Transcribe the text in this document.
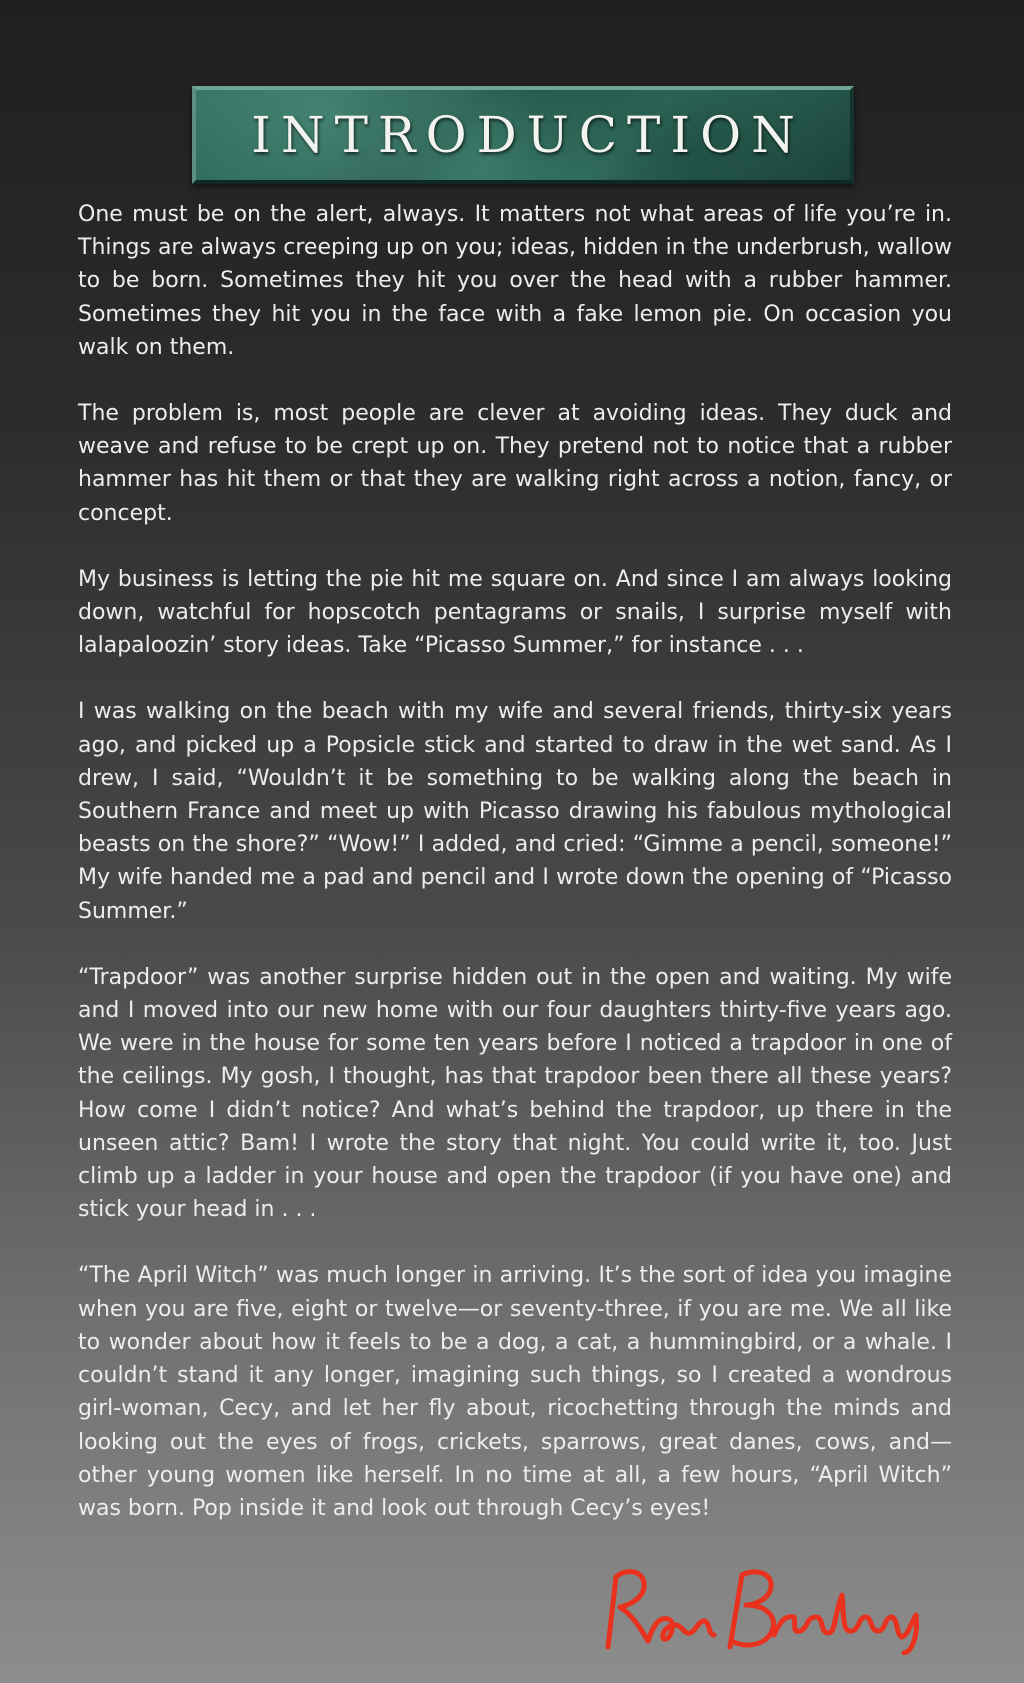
INTRODUCTION

One must be on the alert, always. It matters not what areas of life you’re in. Things are always creeping up on you; ideas, hidden in the underbrush, wallow to be born. Sometimes they hit you over the head with a rubber hammer. Sometimes they hit you in the face with a fake lemon pie. On occasion you walk on them.

The problem is, most people are clever at avoiding ideas. They duck and weave and refuse to be crept up on. They pretend not to notice that a rubber hammer has hit them or that they are walking right across a notion, fancy, or concept.

My business is letting the pie hit me square on. And since I am always looking down, watchful for hopscotch pentagrams or snails, I surprise myself with lalapaloozin’ story ideas. Take “Picasso Summer,” for instance . . .

I was walking on the beach with my wife and several friends, thirty-six years ago, and picked up a Popsicle stick and started to draw in the wet sand. As I drew, I said, “Wouldn’t it be something to be walking along the beach in Southern France and meet up with Picasso drawing his fabulous mythological beasts on the shore?” “Wow!” I added, and cried: “Gimme a pencil, someone!” My wife handed me a pad and pencil and I wrote down the opening of “Picasso Summer.”

“Trapdoor” was another surprise hidden out in the open and waiting. My wife and I moved into our new home with our four daughters thirty-five years ago. We were in the house for some ten years before I noticed a trapdoor in one of the ceilings. My gosh, I thought, has that trapdoor been there all these years? How come I didn’t notice? And what’s behind the trapdoor, up there in the unseen attic? Bam! I wrote the story that night. You could write it, too. Just climb up a ladder in your house and open the trapdoor (if you have one) and stick your head in . . .

“The April Witch” was much longer in arriving. It’s the sort of idea you imagine when you are five, eight or twelve—or seventy-three, if you are me. We all like to wonder about how it feels to be a dog, a cat, a hummingbird, or a whale. I couldn’t stand it any longer, imagining such things, so I created a wondrous girl-woman, Cecy, and let her fly about, ricochetting through the minds and looking out the eyes of frogs, crickets, sparrows, great danes, cows, and—other young women like herself. In no time at all, a few hours, “April Witch” was born. Pop inside it and look out through Cecy’s eyes!
